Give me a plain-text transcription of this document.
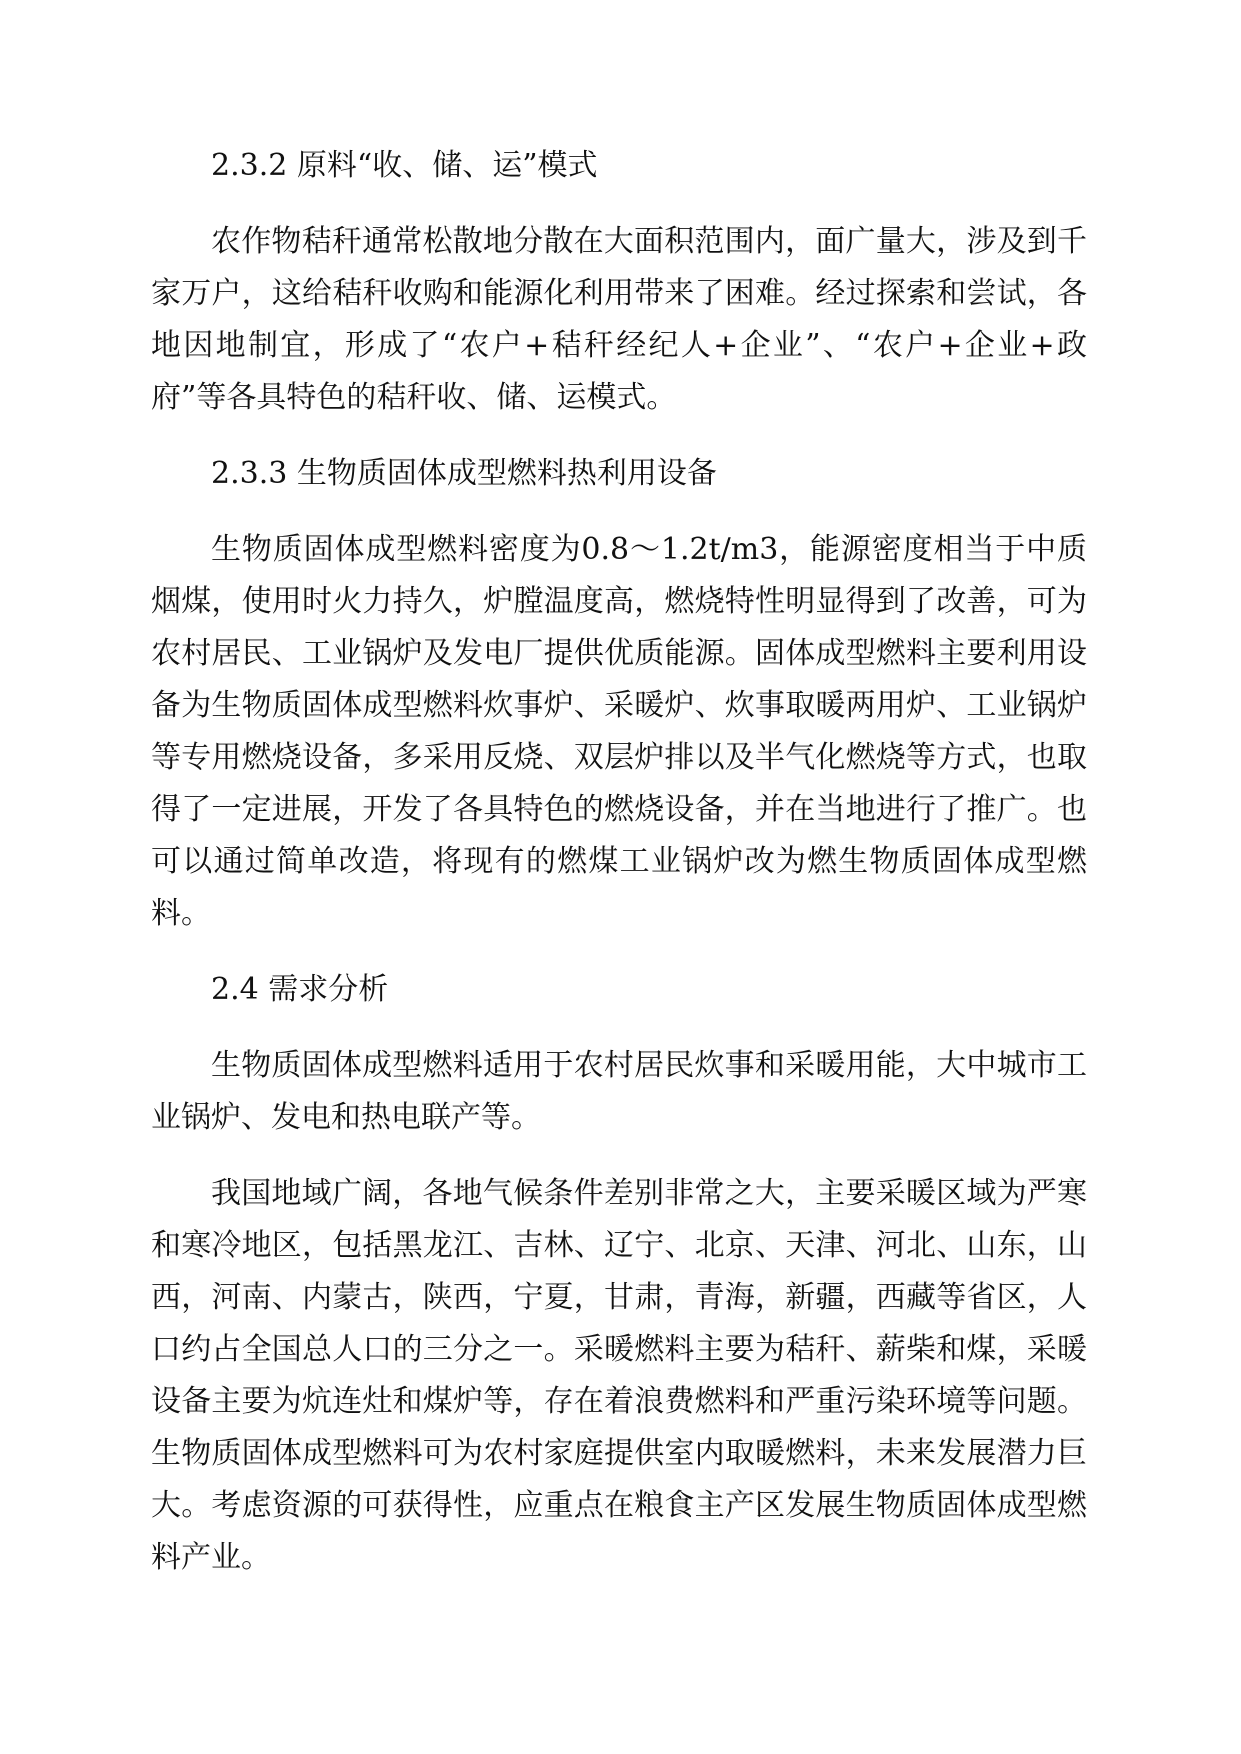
2.3.2 原料“收、储、运”模式

农作物秸秆通常松散地分散在大面积范围内，面广量大，涉及到千家万户，这给秸秆收购和能源化利用带来了困难。经过探索和尝试，各地因地制宜，形成了“农户+秸秆经纪人+企业”、“农户+企业+政府”等各具特色的秸秆收、储、运模式。

2.3.3 生物质固体成型燃料热利用设备

生物质固体成型燃料密度为0.8～1.2t/m3，能源密度相当于中质烟煤，使用时火力持久，炉膛温度高，燃烧特性明显得到了改善，可为农村居民、工业锅炉及发电厂提供优质能源。固体成型燃料主要利用设备为生物质固体成型燃料炊事炉、采暖炉、炊事取暖两用炉、工业锅炉等专用燃烧设备，多采用反烧、双层炉排以及半气化燃烧等方式，也取得了一定进展，开发了各具特色的燃烧设备，并在当地进行了推广。也可以通过简单改造，将现有的燃煤工业锅炉改为燃生物质固体成型燃料。

2.4 需求分析

生物质固体成型燃料适用于农村居民炊事和采暖用能，大中城市工业锅炉、发电和热电联产等。

我国地域广阔，各地气候条件差别非常之大，主要采暖区域为严寒和寒冷地区，包括黑龙江、吉林、辽宁、北京、天津、河北、山东，山西，河南、内蒙古，陕西，宁夏，甘肃，青海，新疆，西藏等省区，人口约占全国总人口的三分之一。采暖燃料主要为秸秆、薪柴和煤，采暖设备主要为炕连灶和煤炉等，存在着浪费燃料和严重污染环境等问题。生物质固体成型燃料可为农村家庭提供室内取暖燃料，未来发展潜力巨大。考虑资源的可获得性，应重点在粮食主产区发展生物质固体成型燃料产业。
